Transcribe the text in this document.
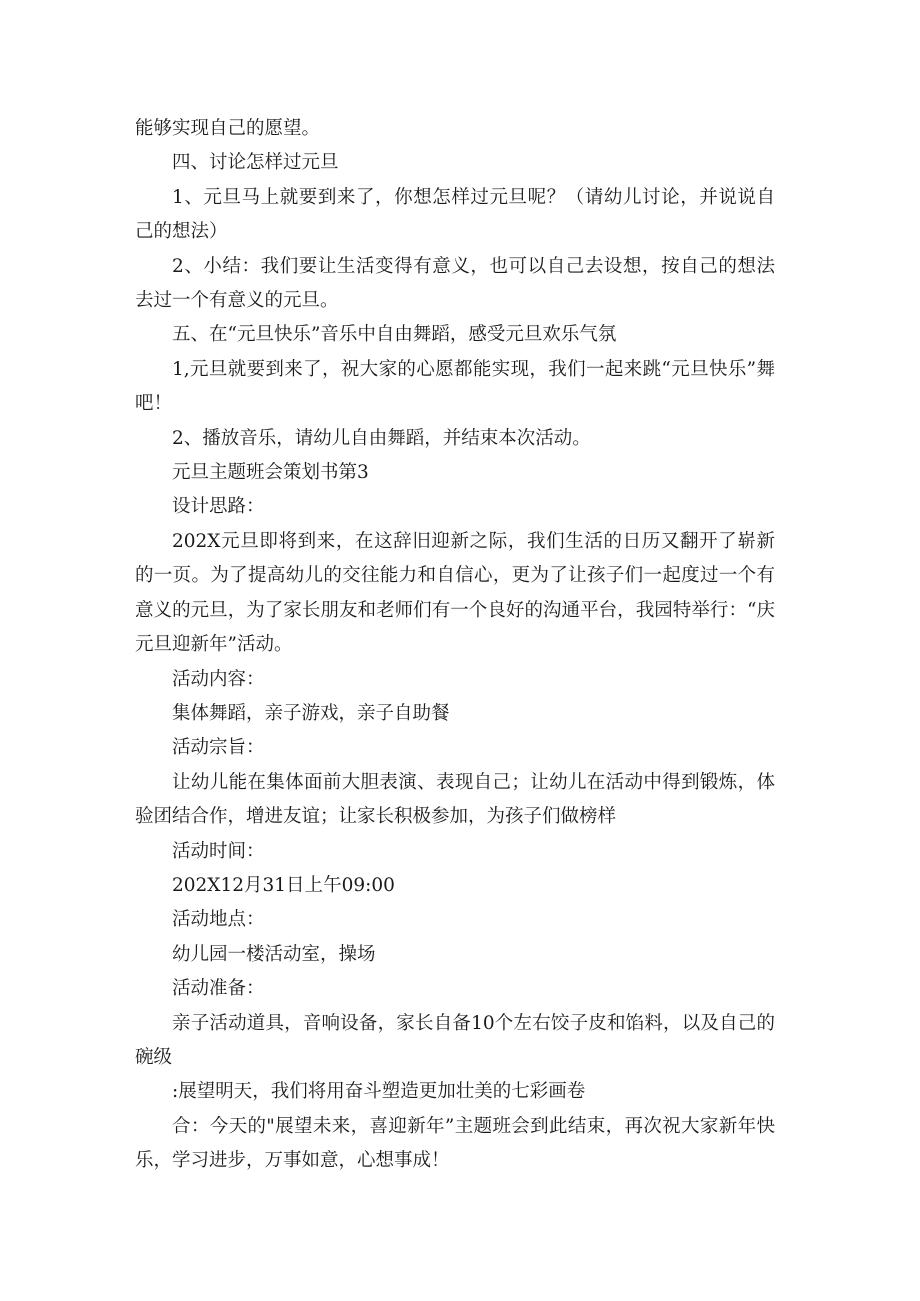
能够实现自己的愿望。

四、讨论怎样过元旦

1、元旦马上就要到来了，你想怎样过元旦呢？（请幼儿讨论，并说说自己的想法）

2、小结：我们要让生活变得有意义，也可以自己去设想，按自己的想法去过一个有意义的元旦。

五、在“元旦快乐”音乐中自由舞蹈，感受元旦欢乐气氛

1,元旦就要到来了，祝大家的心愿都能实现，我们一起来跳“元旦快乐”舞吧！

2、播放音乐，请幼儿自由舞蹈，并结束本次活动。

元旦主题班会策划书第3

设计思路：

202X元旦即将到来，在这辞旧迎新之际，我们生活的日历又翻开了崭新的一页。为了提高幼儿的交往能力和自信心，更为了让孩子们一起度过一个有意义的元旦，为了家长朋友和老师们有一个良好的沟通平台，我园特举行：“庆元旦迎新年”活动。

活动内容：

集体舞蹈，亲子游戏，亲子自助餐

活动宗旨：

让幼儿能在集体面前大胆表演、表现自己；让幼儿在活动中得到锻炼，体验团结合作，增进友谊；让家长积极参加，为孩子们做榜样

活动时间：

202X12月31日上午09:00

活动地点：

幼儿园一楼活动室，操场

活动准备：

亲子活动道具，音响设备，家长自备10个左右饺子皮和馅料，以及自己的碗级

:展望明天，我们将用奋斗塑造更加壮美的七彩画卷

合：今天的"展望未来，喜迎新年”主题班会到此结束，再次祝大家新年快乐，学习进步，万事如意，心想事成！
